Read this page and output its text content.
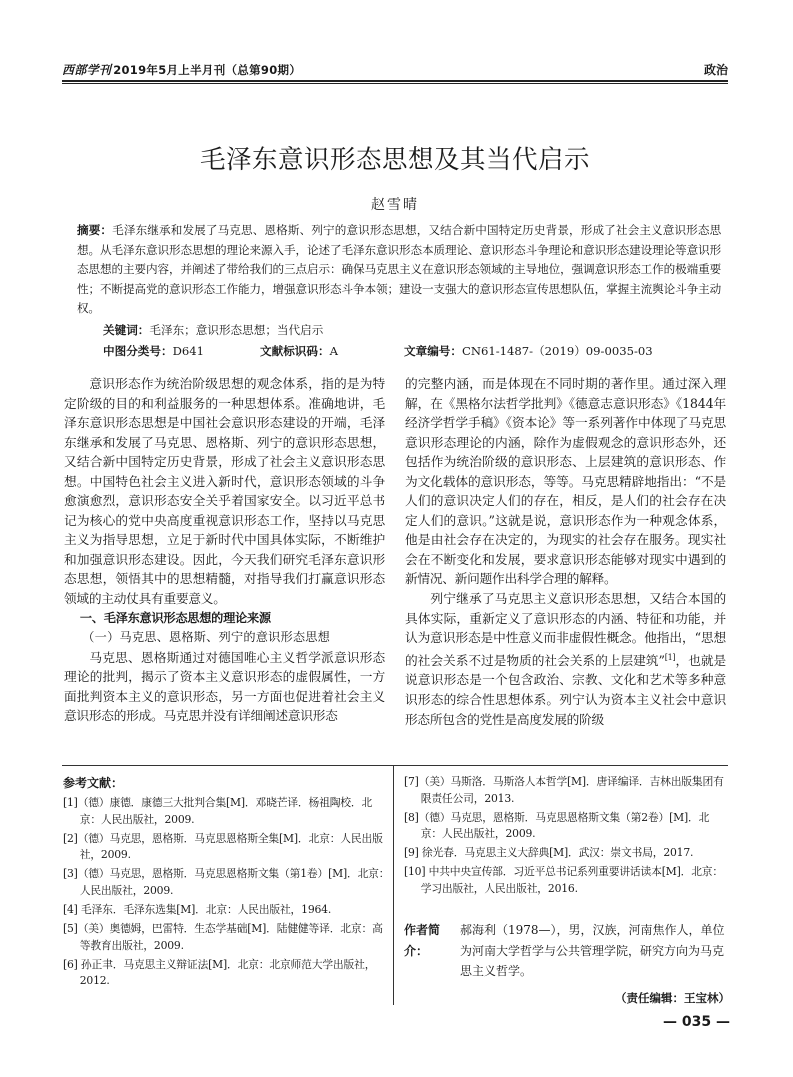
西部学刊 2019年5月上半月刊（总第90期）	政治
毛泽东意识形态思想及其当代启示
赵雪晴
摘要：毛泽东继承和发展了马克思、恩格斯、列宁的意识形态思想，又结合新中国特定历史背景，形成了社会主义意识形态思想。从毛泽东意识形态思想的理论来源入手，论述了毛泽东意识形态本质理论、意识形态斗争理论和意识形态建设理论等意识形态思想的主要内容，并阐述了带给我们的三点启示：确保马克思主义在意识形态领域的主导地位，强调意识形态工作的极端重要性；不断提高党的意识形态工作能力，增强意识形态斗争本领；建设一支强大的意识形态宣传思想队伍，掌握主流舆论斗争主动权。
关键词：毛泽东；意识形态思想；当代启示
中图分类号：D641	文献标识码：A	文章编号：CN61-1487-（2019）09-0035-03

意识形态作为统治阶级思想的观念体系，指的是为特定阶级的目的和利益服务的一种思想体系。准确地讲，毛泽东意识形态思想是中国社会意识形态建设的开端，毛泽东继承和发展了马克思、恩格斯、列宁的意识形态思想，又结合新中国特定历史背景，形成了社会主义意识形态思想。中国特色社会主义进入新时代，意识形态领域的斗争愈演愈烈，意识形态安全关乎着国家安全。以习近平总书记为核心的党中央高度重视意识形态工作，坚持以马克思主义为指导思想，立足于新时代中国具体实际，不断维护和加强意识形态建设。因此，今天我们研究毛泽东意识形态思想，领悟其中的思想精髓，对指导我们打赢意识形态领域的主动仗具有重要意义。

一、毛泽东意识形态思想的理论来源

（一）马克思、恩格斯、列宁的意识形态思想

马克思、恩格斯通过对德国唯心主义哲学派意识形态理论的批判，揭示了资本主义意识形态的虚假属性，一方面批判资本主义的意识形态，另一方面也促进着社会主义意识形态的形成。马克思并没有详细阐述意识形态

的完整内涵，而是体现在不同时期的著作里。通过深入理解，在《黑格尔法哲学批判》《德意志意识形态》《1844年经济学哲学手稿》《资本论》等一系列著作中体现了马克思意识形态理论的内涵，除作为虚假观念的意识形态外，还包括作为统治阶级的意识形态、上层建筑的意识形态、作为文化载体的意识形态，等等。马克思精辟地指出：“不是人们的意识决定人们的存在，相反，是人们的社会存在决定人们的意识。”这就是说，意识形态作为一种观念体系，他是由社会存在决定的，为现实的社会存在服务。现实社会在不断变化和发展，要求意识形态能够对现实中遇到的新情况、新问题作出科学合理的解释。

列宁继承了马克思主义意识形态思想，又结合本国的具体实际，重新定义了意识形态的内涵、特征和功能，并认为意识形态是中性意义而非虚假性概念。他指出，“思想的社会关系不过是物质的社会关系的上层建筑”[1]，也就是说意识形态是一个包含政治、宗教、文化和艺术等多种意识形态的综合性思想体系。列宁认为资本主义社会中意识形态所包含的党性是高度发展的阶级

参考文献：
[1]（德）康德．康德三大批判合集[M]．邓晓芒译．杨祖陶校．北京：人民出版社，2009.
[2]（德）马克思，恩格斯．马克思恩格斯全集[M]．北京：人民出版社，2009.
[3]（德）马克思，恩格斯．马克思恩格斯文集（第1卷）[M]．北京：人民出版社，2009.
[4] 毛泽东．毛泽东选集[M]．北京：人民出版社，1964.
[5]（美）奥德姆，巴雷特．生态学基础[M]．陆健健等译．北京：高等教育出版社，2009.
[6] 孙正聿．马克思主义辩证法[M]．北京：北京师范大学出版社，2012.
[7]（美）马斯洛．马斯洛人本哲学[M]．唐译编译．吉林出版集团有限责任公司，2013.
[8]（德）马克思，恩格斯．马克思恩格斯文集（第2卷）[M]．北京：人民出版社，2009.
[9] 徐光春．马克思主义大辞典[M]．武汉：崇文书局，2017.
[10] 中共中央宣传部．习近平总书记系列重要讲话读本[M]．北京：学习出版社，人民出版社，2016.
作者简介：
郝海利（1978—），男，汉族，河南焦作人，单位为河南大学哲学与公共管理学院，研究方向为马克思主义哲学。
（责任编辑：王宝林）
— 035 —
